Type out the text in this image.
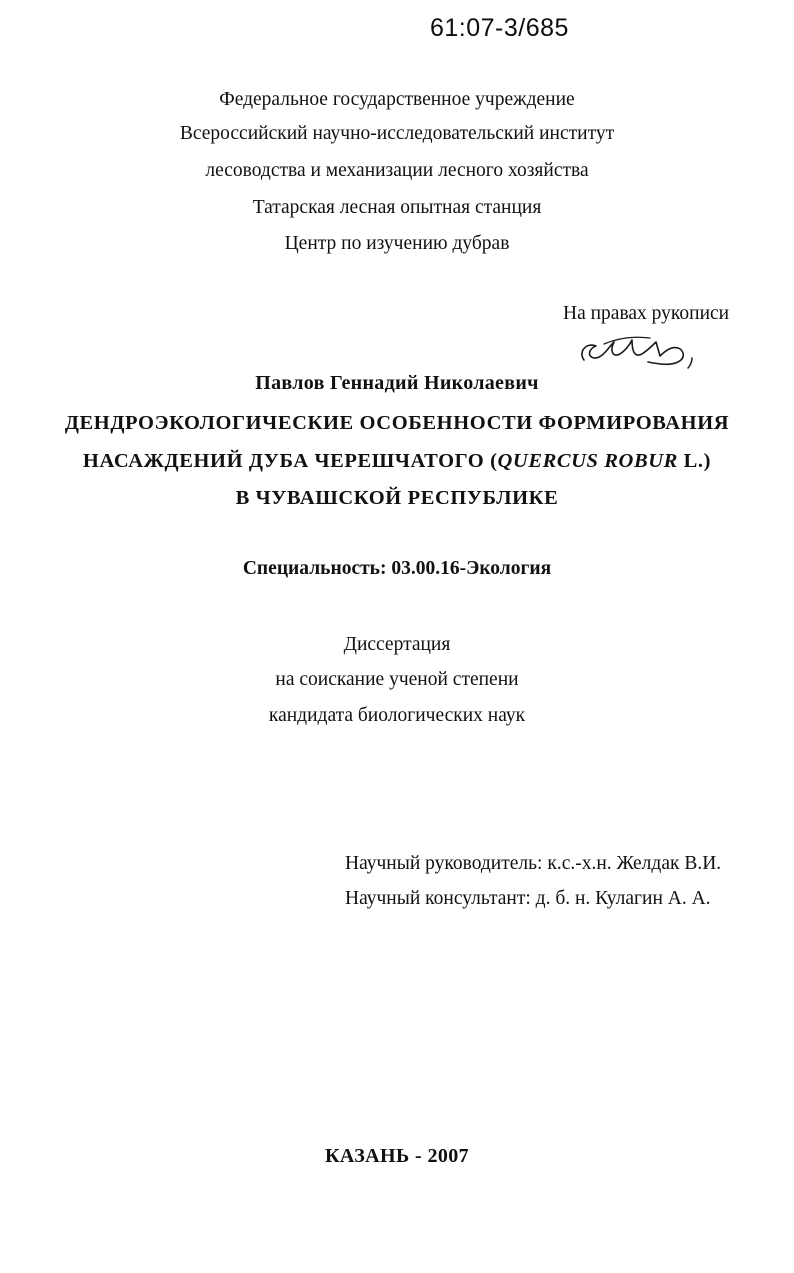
61:07-3/685
Федеральное государственное учреждение
Всероссийский научно-исследовательский институт
лесоводства и механизации лесного хозяйства
Татарская лесная опытная станция
Центр по изучению дубрав
На правах рукописи
Павлов Геннадий Николаевич
ДЕНДРОЭКОЛОГИЧЕСКИЕ ОСОБЕННОСТИ ФОРМИРОВАНИЯ
НАСАЖДЕНИЙ ДУБА ЧЕРЕШЧАТОГО (QUERCUS ROBUR L.)
В ЧУВАШСКОЙ РЕСПУБЛИКЕ
Специальность: 03.00.16-Экология
Диссертация
на соискание ученой степени
кандидата биологических наук
Научный руководитель: к.с.-х.н. Желдак В.И.
Научный консультант: д. б. н. Кулагин А. А.
КАЗАНЬ - 2007
